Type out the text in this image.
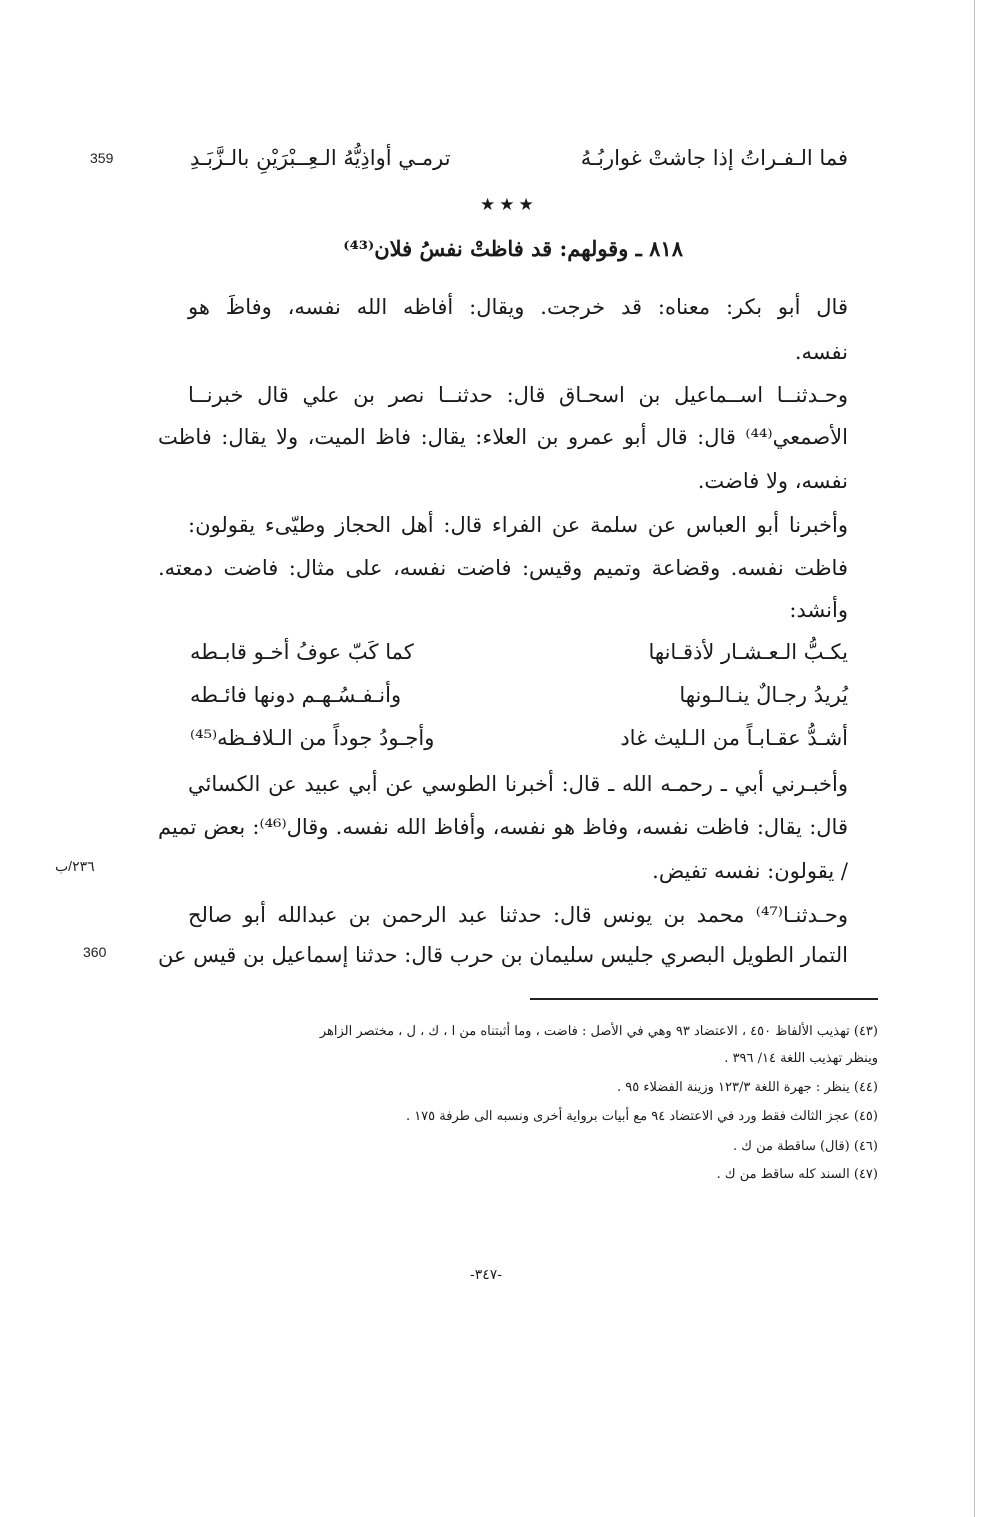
359
٢٣٦/ب
360
فما الـفـراتُ إذا جاشتْ غواربُـهُ
ترمـي أواذِيُّهُ الـعِــبْرَيْنِ بالـزَّبَـدِ
★★★
٨١٨ ـ وقولهم: قد فاظتْ نفسُ فلان⁽⁴³⁾
قال أبو بكر: معناه: قد خرجت. ويقال: أفاظه الله نفسه، وفاظَ هو
نفسه.
وحـدثنــا اســماعيل بن اسحـاق قال: حدثنــا نصر بن علي قال خبرنــا
الأصمعي⁽⁴⁴⁾ قال: قال أبو عمرو بن العلاء: يقال: فاظ الميت، ولا يقال: فاظت
نفسه، ولا فاضت.
وأخبرنا أبو العباس عن سلمة عن الفراء قال: أهل الحجاز وطيّىء يقولون:
فاظت نفسه. وقضاعة وتميم وقيس: فاضت نفسه، على مثال: فاضت دمعته.
وأنشد:
يكـبُّ الـعـشـار لأذقـانها
كما كَبّ عوفُ أخـو قابـطه
يُريدُ رجـالٌ ينـالـونها
وأنـفـسُـهـم دونها فائـطه
أشـدُّ عقـابـاً من الـليث غاد
وأجـودُ جوداً من الـلافـظه⁽⁴⁵⁾
وأخبـرني أبي ـ رحمـه الله ـ قال: أخبرنا الطوسي عن أبي عبيد عن الكسائي
قال: يقال: فاظت نفسه، وفاظ هو نفسه، وأفاظ الله نفسه. وقال⁽⁴⁶⁾: بعض تميم
/ يقولون: نفسه تفيض.
وحـدثنـا⁽⁴⁷⁾ محمد بن يونس قال: حدثنا عبد الرحمن بن عبدالله أبو صالح
التمار الطويل البصري جليس سليمان بن حرب قال: حدثنا إسماعيل بن قيس عن
(٤٣) تهذيب الألفاظ ٤٥٠ ، الاعتضاد ٩٣ وهي في الأصل : فاضت ، وما أثبتناه من ا ، ك ، ل ، مختصر الزاهر
وينظر تهذيب اللغة ١٤/ ٣٩٦ .
(٤٤) ينظر : جهرة اللغة ١٢٣/٣ وزينة الفضلاء ٩٥ .
(٤٥) عجز الثالث فقط ورد في الاعتضاد ٩٤ مع أبيات برواية أخرى ونسبه الى طرفة ١٧٥ .
(٤٦) (قال) ساقطة من ك .
(٤٧) السند كله ساقط من ك .
-٣٤٧-
